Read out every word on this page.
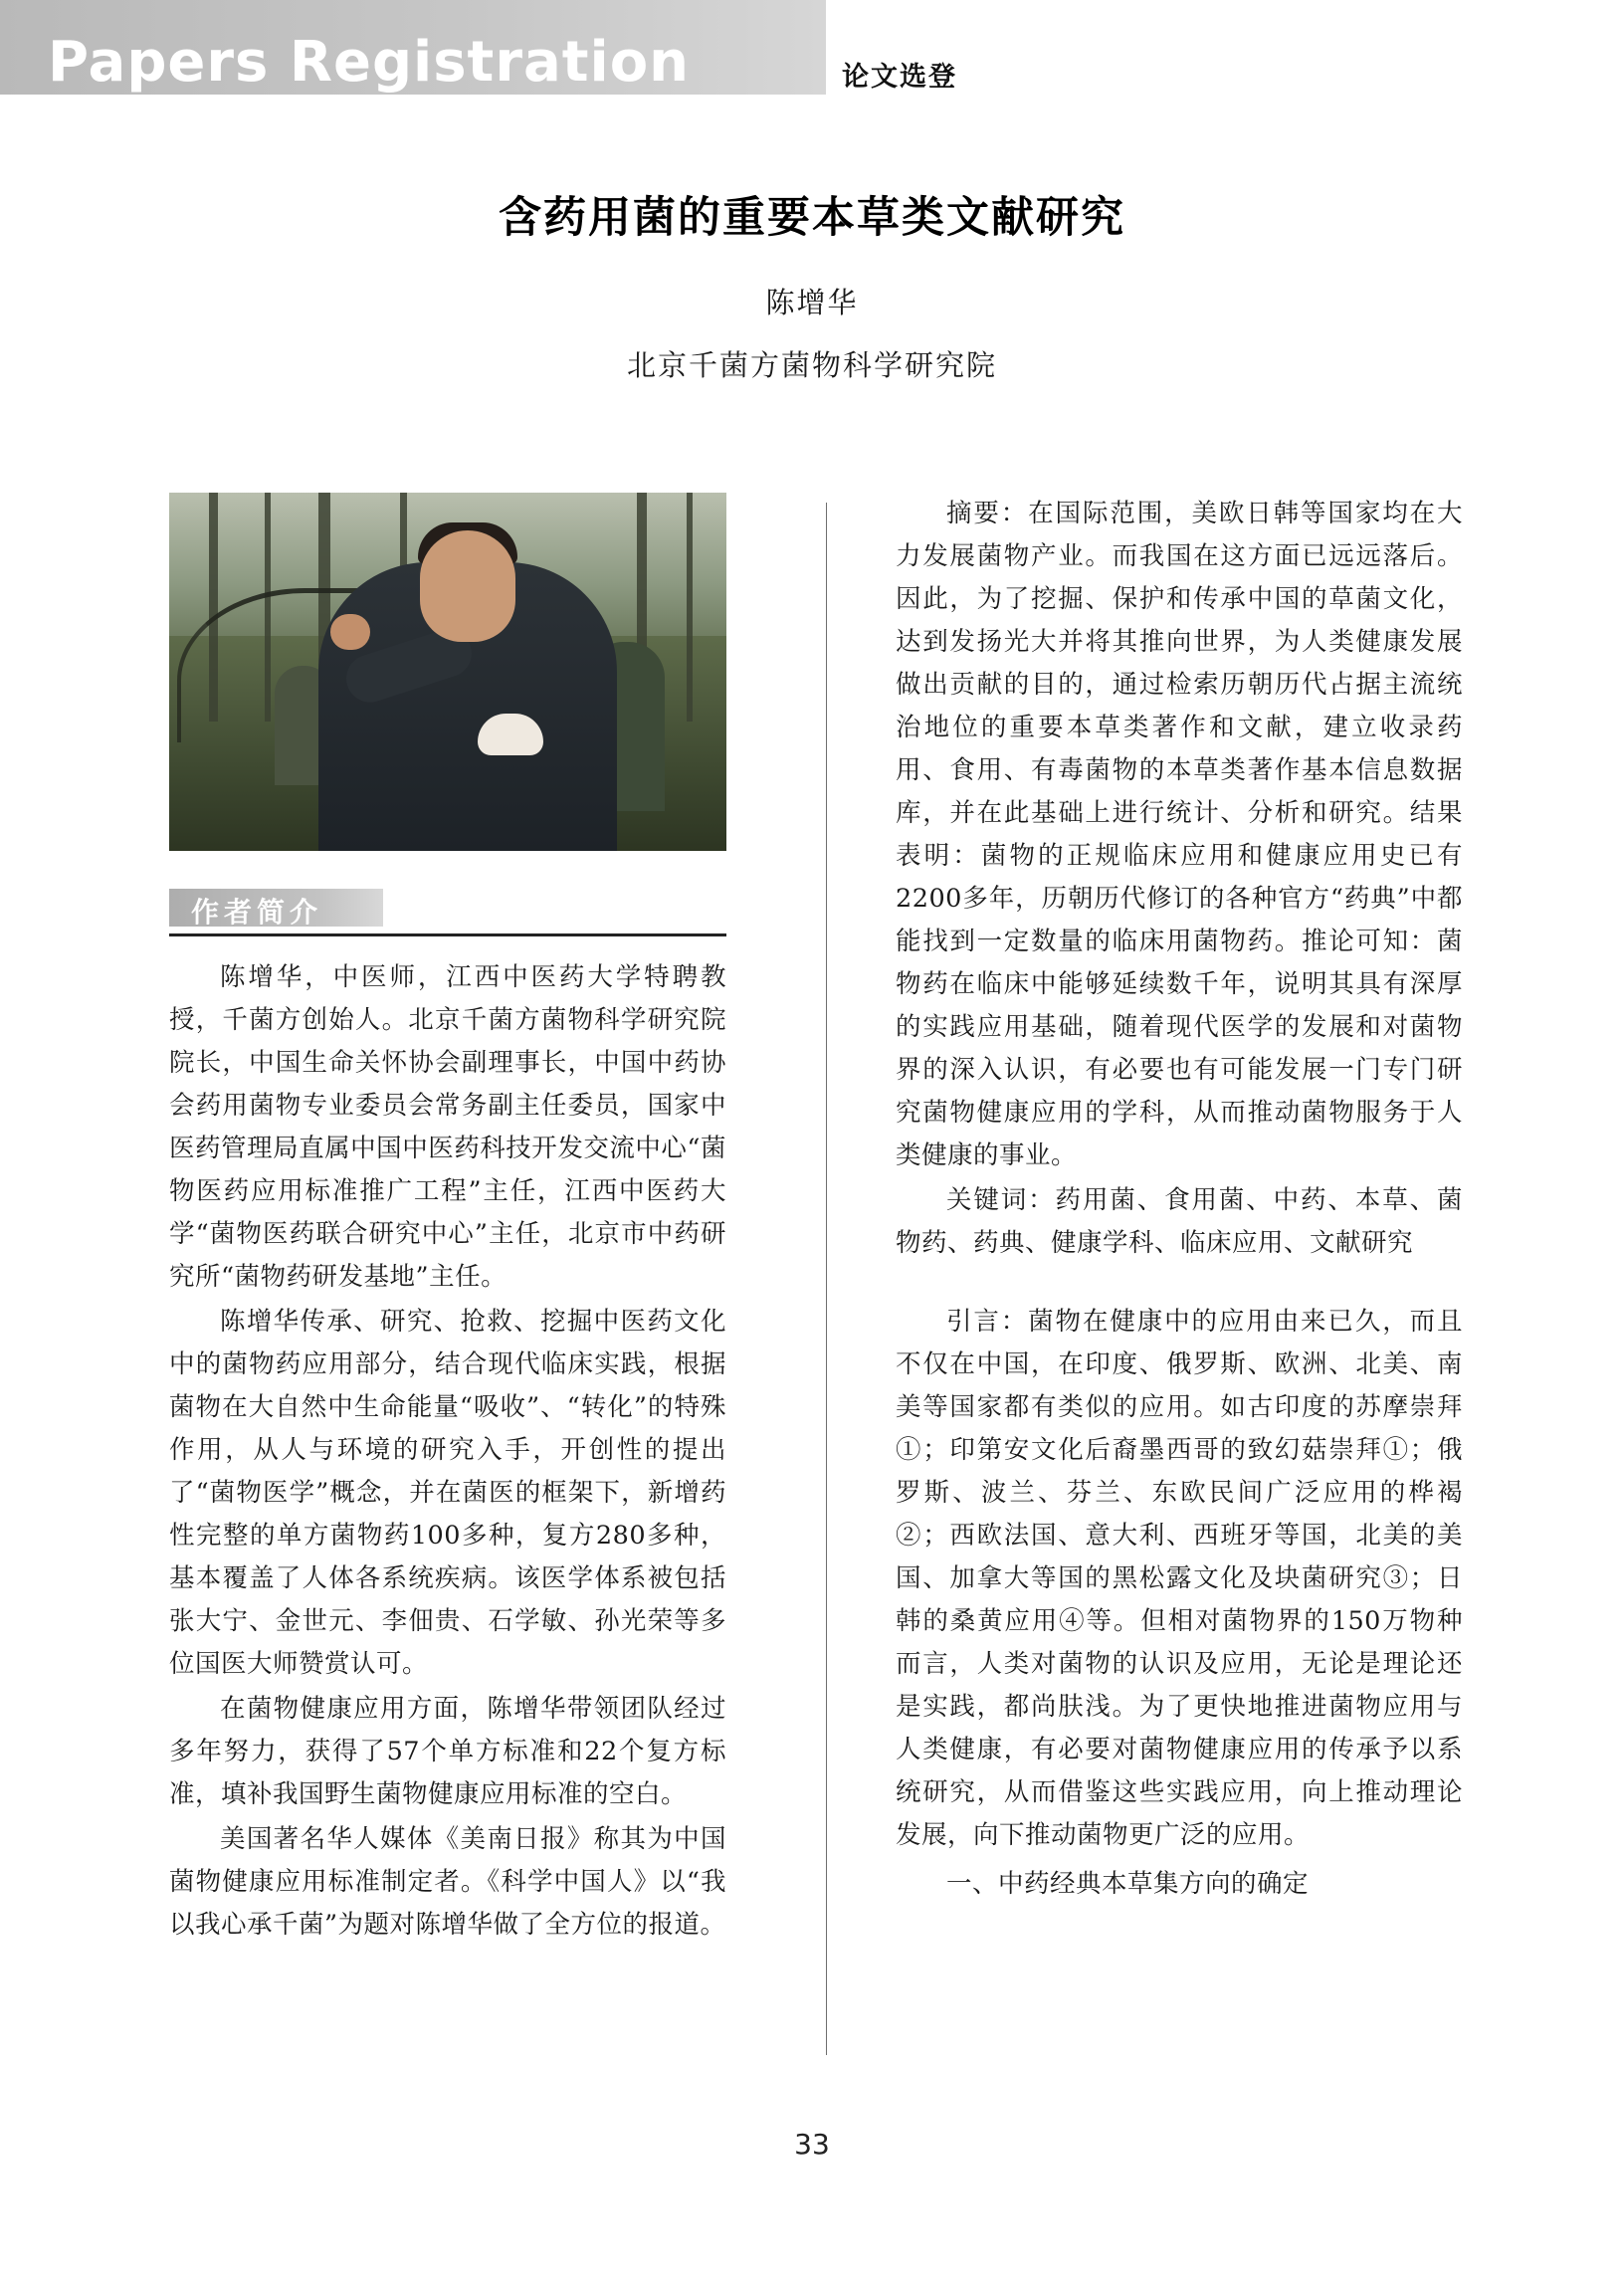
Papers Registration	论文选登
含药用菌的重要本草类文献研究
陈增华
北京千菌方菌物科学研究院
作者简介

陈增华，中医师，江西中医药大学特聘教授，千菌方创始人。北京千菌方菌物科学研究院院长，中国生命关怀协会副理事长，中国中药协会药用菌物专业委员会常务副主任委员，国家中医药管理局直属中国中医药科技开发交流中心“菌物医药应用标准推广工程”主任，江西中医药大学“菌物医药联合研究中心”主任，北京市中药研究所“菌物药研发基地”主任。

陈增华传承、研究、抢救、挖掘中医药文化中的菌物药应用部分，结合现代临床实践，根据菌物在大自然中生命能量“吸收”、“转化”的特殊作用，从人与环境的研究入手，开创性的提出了“菌物医学”概念，并在菌医的框架下，新增药性完整的单方菌物药100多种，复方280多种，基本覆盖了人体各系统疾病。该医学体系被包括张大宁、金世元、李佃贵、石学敏、孙光荣等多位国医大师赞赏认可。

在菌物健康应用方面，陈增华带领团队经过多年努力，获得了57个单方标准和22个复方标准，填补我国野生菌物健康应用标准的空白。

美国著名华人媒体《美南日报》称其为中国菌物健康应用标准制定者。《科学中国人》以“我以我心承千菌”为题对陈增华做了全方位的报道。

摘要：在国际范围，美欧日韩等国家均在大力发展菌物产业。而我国在这方面已远远落后。因此，为了挖掘、保护和传承中国的草菌文化，达到发扬光大并将其推向世界，为人类健康发展做出贡献的目的，通过检索历朝历代占据主流统治地位的重要本草类著作和文献，建立收录药用、食用、有毒菌物的本草类著作基本信息数据库，并在此基础上进行统计、分析和研究。结果表明：菌物的正规临床应用和健康应用史已有2200多年，历朝历代修订的各种官方“药典”中都能找到一定数量的临床用菌物药。推论可知：菌物药在临床中能够延续数千年，说明其具有深厚的实践应用基础，随着现代医学的发展和对菌物界的深入认识，有必要也有可能发展一门专门研究菌物健康应用的学科，从而推动菌物服务于人类健康的事业。

关键词：药用菌、食用菌、中药、本草、菌物药、药典、健康学科、临床应用、文献研究

引言：菌物在健康中的应用由来已久，而且不仅在中国，在印度、俄罗斯、欧洲、北美、南美等国家都有类似的应用。如古印度的苏摩崇拜①；印第安文化后裔墨西哥的致幻菇崇拜①；俄罗斯、波兰、芬兰、东欧民间广泛应用的桦褐②；西欧法国、意大利、西班牙等国，北美的美国、加拿大等国的黑松露文化及块菌研究③；日韩的桑黄应用④等。但相对菌物界的150万物种而言，人类对菌物的认识及应用，无论是理论还是实践，都尚肤浅。为了更快地推进菌物应用与人类健康，有必要对菌物健康应用的传承予以系统研究，从而借鉴这些实践应用，向上推动理论发展，向下推动菌物更广泛的应用。

一、中药经典本草集方向的确定

33
